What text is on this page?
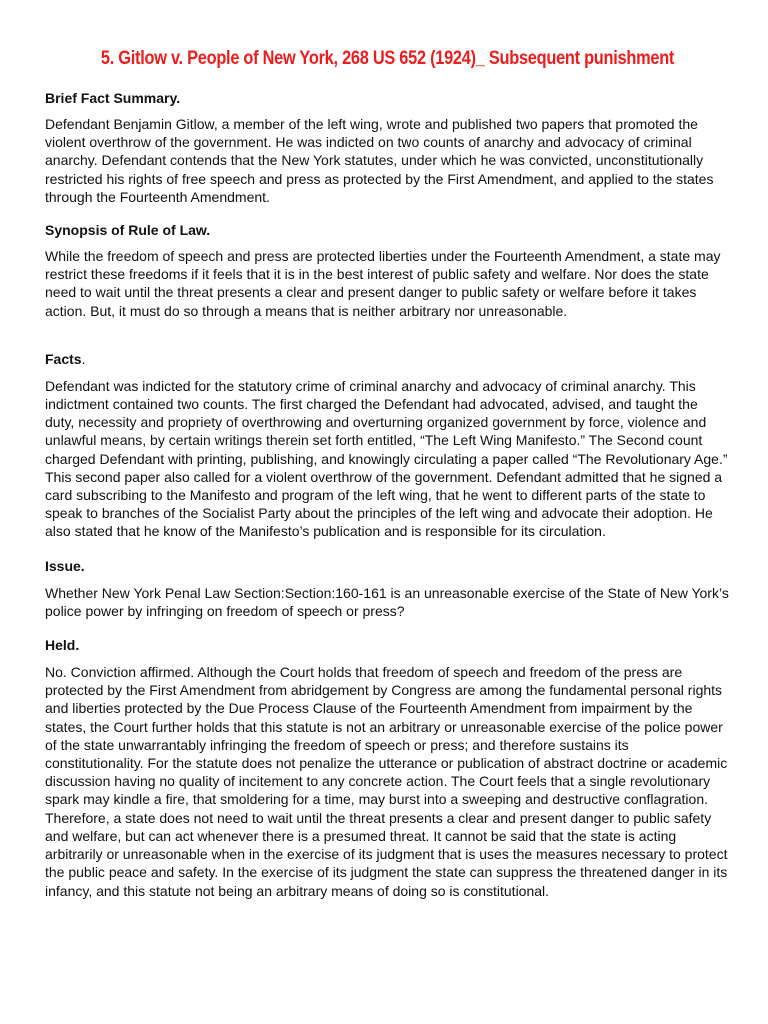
5. Gitlow v. People of New York, 268 US 652 (1924)_ Subsequent punishment

Brief Fact Summary.

Defendant Benjamin Gitlow, a member of the left wing, wrote and published two papers that promoted the violent overthrow of the government. He was indicted on two counts of anarchy and advocacy of criminal anarchy. Defendant contends that the New York statutes, under which he was convicted, unconstitutionally restricted his rights of free speech and press as protected by the First Amendment, and applied to the states through the Fourteenth Amendment.

Synopsis of Rule of Law.

While the freedom of speech and press are protected liberties under the Fourteenth Amendment, a state may restrict these freedoms if it feels that it is in the best interest of public safety and welfare. Nor does the state need to wait until the threat presents a clear and present danger to public safety or welfare before it takes action. But, it must do so through a means that is neither arbitrary nor unreasonable.

Facts.

Defendant was indicted for the statutory crime of criminal anarchy and advocacy of criminal anarchy. This indictment contained two counts. The first charged the Defendant had advocated, advised, and taught the duty, necessity and propriety of overthrowing and overturning organized government by force, violence and unlawful means, by certain writings therein set forth entitled, “The Left Wing Manifesto.” The Second count charged Defendant with printing, publishing, and knowingly circulating a paper called “The Revolutionary Age.” This second paper also called for a violent overthrow of the government. Defendant admitted that he signed a card subscribing to the Manifesto and program of the left wing, that he went to different parts of the state to speak to branches of the Socialist Party about the principles of the left wing and advocate their adoption. He also stated that he know of the Manifesto’s publication and is responsible for its circulation.

Issue.

Whether New York Penal Law Section:Section:160-161 is an unreasonable exercise of the State of New York’s police power by infringing on freedom of speech or press?

Held.

No. Conviction affirmed. Although the Court holds that freedom of speech and freedom of the press are protected by the First Amendment from abridgement by Congress are among the fundamental personal rights and liberties protected by the Due Process Clause of the Fourteenth Amendment from impairment by the states, the Court further holds that this statute is not an arbitrary or unreasonable exercise of the police power of the state unwarrantably infringing the freedom of speech or press; and therefore sustains its constitutionality. For the statute does not penalize the utterance or publication of abstract doctrine or academic discussion having no quality of incitement to any concrete action. The Court feels that a single revolutionary spark may kindle a fire, that smoldering for a time, may burst into a sweeping and destructive conflagration. Therefore, a state does not need to wait until the threat presents a clear and present danger to public safety and welfare, but can act whenever there is a presumed threat. It cannot be said that the state is acting arbitrarily or unreasonable when in the exercise of its judgment that is uses the measures necessary to protect the public peace and safety. In the exercise of its judgment the state can suppress the threatened danger in its infancy, and this statute not being an arbitrary means of doing so is constitutional.
